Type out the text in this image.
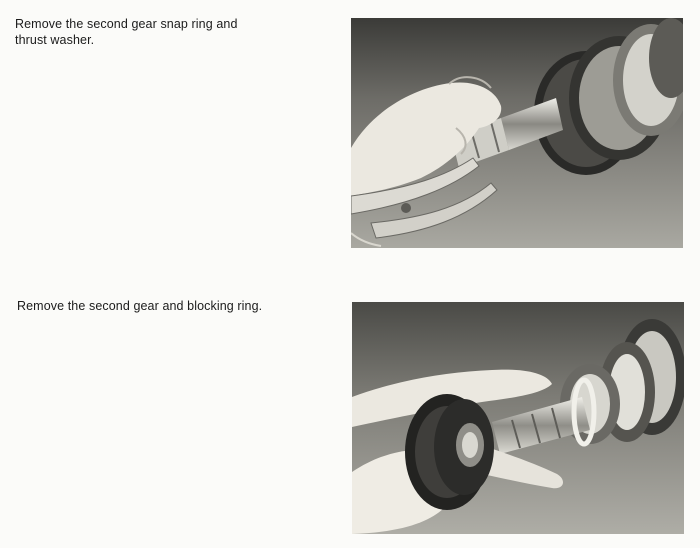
Remove the second gear snap ring and thrust washer.

Remove the second gear and blocking ring.
